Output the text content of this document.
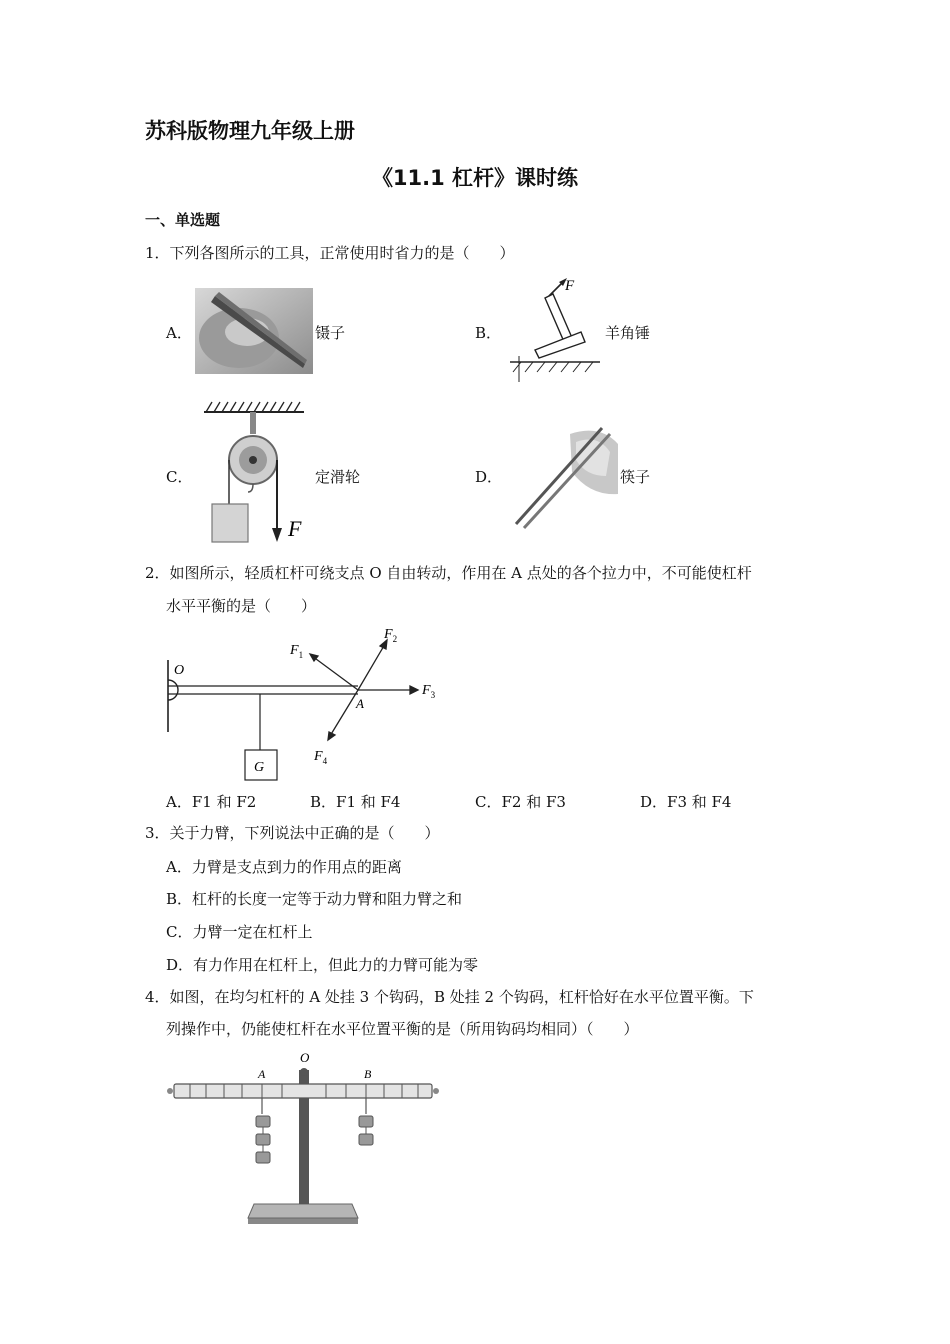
苏科版物理九年级上册
《11.1 杠杆》课时练
一、单选题
1．下列各图所示的工具，正常使用时省力的是（　　）
A．	镊子	B．
F
羊角锤
C．
F
定滑轮	D．	筷子
2．如图所示，轻质杠杆可绕支点 O 自由转动，作用在 A 点处的各个拉力中，不可能使杠杆
水平平衡的是（　　）
G
O
A
$F_1$
$F_2$
$F_3$
$F_4$
A．F1 和 F2	B．F1 和 F4	C．F2 和 F3	D．F3 和 F4
3．关于力臂，下列说法中正确的是（　　）
A．力臂是支点到力的作用点的距离
B．杠杆的长度一定等于动力臂和阻力臂之和
C．力臂一定在杠杆上
D．有力作用在杠杆上，但此力的力臂可能为零
4．如图，在均匀杠杆的 A 处挂 3 个钩码，B 处挂 2 个钩码，杠杆恰好在水平位置平衡。下
列操作中，仍能使杠杆在水平位置平衡的是（所用钩码均相同）（　　）
O
A	B
